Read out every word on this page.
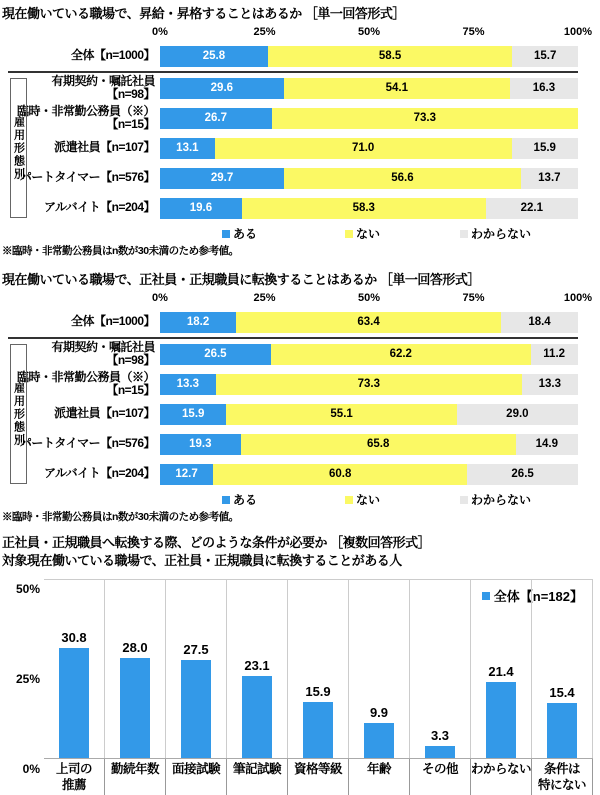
現在働いている職場で、昇給・昇格することはあるか ［単一回答形式］
0%	25%	50%	75%	100%
全体【n=1000】	25.8	58.5	15.7
雇用形態別
有期契約・嘱託社員
【n=98】	29.6	54.1	16.3
臨時・非常勤公務員（※）
【n=15】	26.7	73.3
派遣社員【n=107】	13.1	71.0	15.9
パートタイマー【n=576】	29.7	56.6	13.7
アルバイト【n=204】	19.6	58.3	22.1
ある	ない	わからない
※臨時・非常勤公務員はn数が30未満のため参考値。
現在働いている職場で、正社員・正規職員に転換することはあるか ［単一回答形式］
0%	25%	50%	75%	100%
全体【n=1000】	18.2	63.4	18.4
雇用形態別
有期契約・嘱託社員
【n=98】	26.5	62.2	11.2
臨時・非常勤公務員（※）
【n=15】	13.3	73.3	13.3
派遣社員【n=107】	15.9	55.1	29.0
パートタイマー【n=576】	19.3	65.8	14.9
アルバイト【n=204】	12.7	60.8	26.5
ある	ない	わからない
※臨時・非常勤公務員はn数が30未満のため参考値。
正社員・正規職員へ転換する際、どのような条件が必要か ［複数回答形式］
対象現在働いている職場で、正社員・正規職員に転換することがある人
50%
25%
0%
全体【n=182】
30.8
28.0	27.5
23.1
15.9
9.9
3.3
21.4
15.4
上司の
推薦
勤続年数	面接試験	筆記試験	資格等級	年齢	その他	わからない	条件は
特にない
